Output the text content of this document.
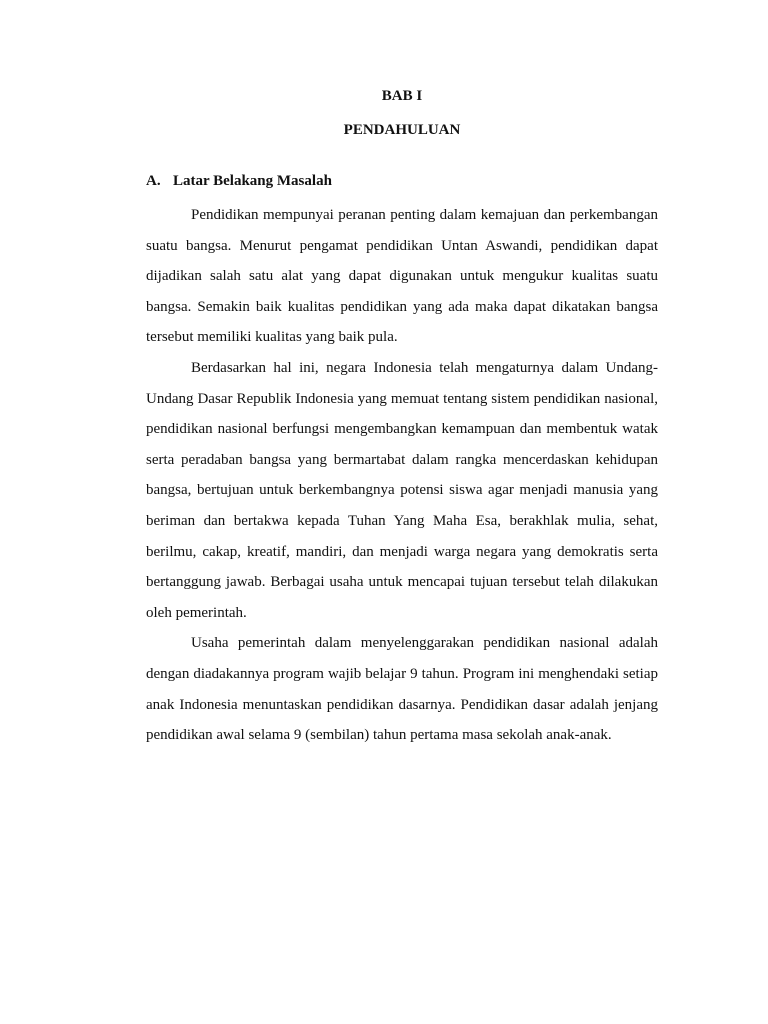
BAB I
PENDAHULUAN
A. Latar Belakang Masalah

Pendidikan mempunyai peranan penting dalam kemajuan dan perkembangan suatu bangsa. Menurut pengamat pendidikan Untan Aswandi, pendidikan dapat dijadikan salah satu alat yang dapat digunakan untuk mengukur kualitas suatu bangsa. Semakin baik kualitas pendidikan yang ada maka dapat dikatakan bangsa tersebut memiliki kualitas yang baik pula.

Berdasarkan hal ini, negara Indonesia telah mengaturnya dalam Undang-Undang Dasar Republik Indonesia yang memuat tentang sistem pendidikan nasional, pendidikan nasional berfungsi mengembangkan kemampuan dan membentuk watak serta peradaban bangsa yang bermartabat dalam rangka mencerdaskan kehidupan bangsa, bertujuan untuk berkembangnya potensi siswa agar menjadi manusia yang beriman dan bertakwa kepada Tuhan Yang Maha Esa, berakhlak mulia, sehat, berilmu, cakap, kreatif, mandiri, dan menjadi warga negara yang demokratis serta bertanggung jawab. Berbagai usaha untuk mencapai tujuan tersebut telah dilakukan oleh pemerintah.

Usaha pemerintah dalam menyelenggarakan pendidikan nasional adalah dengan diadakannya program wajib belajar 9 tahun. Program ini menghendaki setiap anak Indonesia menuntaskan pendidikan dasarnya. Pendidikan dasar adalah jenjang pendidikan awal selama 9 (sembilan) tahun pertama masa sekolah anak-anak.
